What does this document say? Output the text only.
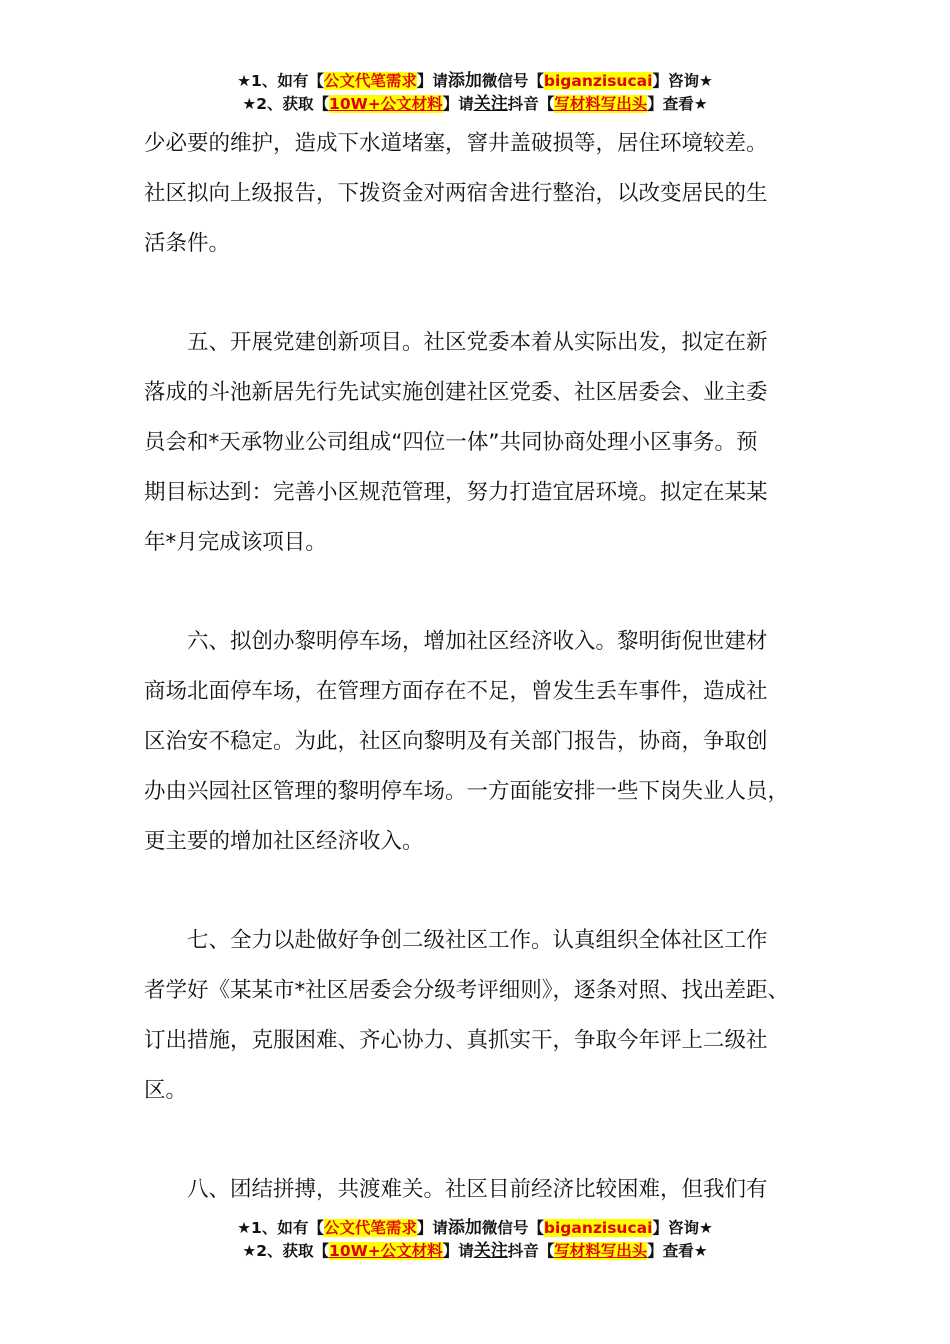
★1、如有【公文代笔需求】请添加微信号【biganzisucai】咨询★
★2、获取【10W+公文材料】请关注抖音【写材料写出头】查看★
少必要的维护，造成下水道堵塞，窨井盖破损等，居住环境较差。
社区拟向上级报告，下拨资金对两宿舍进行整治，以改变居民的生
活条件。
　　五、开展党建创新项目。社区党委本着从实际出发，拟定在新
落成的斗池新居先行先试实施创建社区党委、社区居委会、业主委
员会和*天承物业公司组成“四位一体”共同协商处理小区事务。预
期目标达到：完善小区规范管理，努力打造宜居环境。拟定在某某
年*月完成该项目。
　　六、拟创办黎明停车场，增加社区经济收入。黎明街倪世建材
商场北面停车场，在管理方面存在不足，曾发生丢车事件，造成社
区治安不稳定。为此，社区向黎明及有关部门报告，协商，争取创
办由兴园社区管理的黎明停车场。一方面能安排一些下岗失业人员，
更主要的增加社区经济收入。
　　七、全力以赴做好争创二级社区工作。认真组织全体社区工作
者学好《某某市*社区居委会分级考评细则》，逐条对照、找出差距、
订出措施，克服困难、齐心协力、真抓实干，争取今年评上二级社
区。
　　八、团结拼搏，共渡难关。社区目前经济比较困难，但我们有
★1、如有【公文代笔需求】请添加微信号【biganzisucai】咨询★
★2、获取【10W+公文材料】请关注抖音【写材料写出头】查看★
